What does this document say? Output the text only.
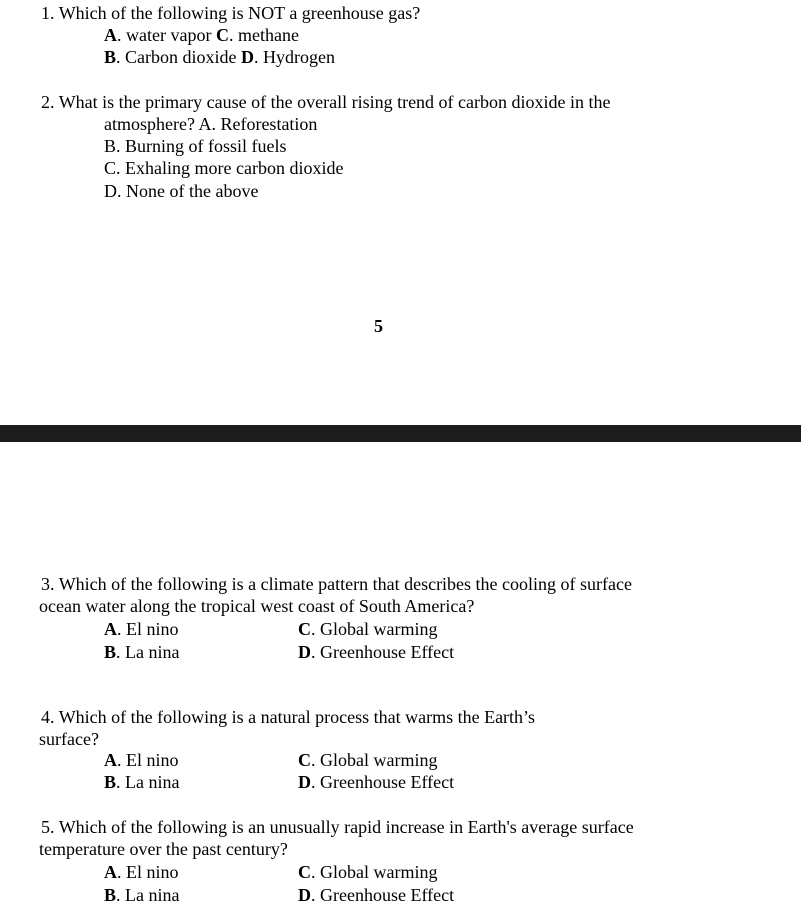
1. Which of the following is NOT a greenhouse gas?
A. water vapor C. methane
B. Carbon dioxide D. Hydrogen
2. What is the primary cause of the overall rising trend of carbon dioxide in the
atmosphere? A. Reforestation
B. Burning of fossil fuels
C. Exhaling more carbon dioxide
D. None of the above
5
3. Which of the following is a climate pattern that describes the cooling of surface
ocean water along the tropical west coast of South America?
A. El nino	C. Global warming
B. La nina	D. Greenhouse Effect
4. Which of the following is a natural process that warms the Earth’s
surface?
A. El nino	C. Global warming
B. La nina	D. Greenhouse Effect
5. Which of the following is an unusually rapid increase in Earth's average surface
temperature over the past century?
A. El nino	C. Global warming
B. La nina	D. Greenhouse Effect
